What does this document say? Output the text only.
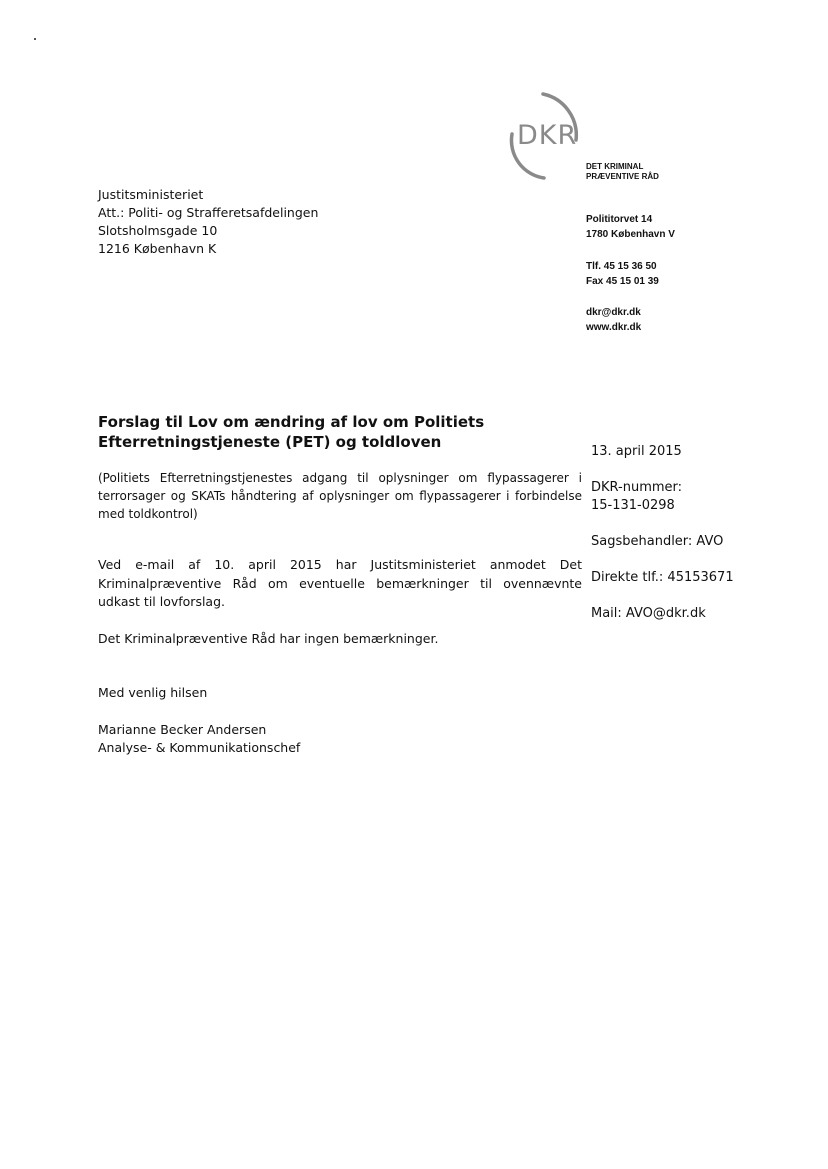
DKR
DET KRIMINAL
PRÆVENTIVE RÅD
Polititorvet 14
1780 København V
Tlf. 45 15 36 50
Fax 45 15 01 39
dkr@dkr.dk
www.dkr.dk
Justitsministeriet
Att.: Politi- og Strafferetsafdelingen
Slotsholmsgade 10
1216 København K
Forslag til Lov om ændring af lov om Politiets Efterretningstjeneste (PET) og toldloven
(Politiets Efterretningstjenestes adgang til oplysninger om flypassagerer i terrorsager og SKATs håndtering af oplysninger om flypassagerer i forbindelse med toldkontrol)
13. april 2015
DKR-nummer:
15-131-0298
Sagsbehandler: AVO
Direkte tlf.: 45153671
Mail: AVO@dkr.dk
Ved e-mail af 10. april 2015 har Justitsministeriet anmodet Det Kriminalpræventive Råd om eventuelle bemærkninger til ovennævnte udkast til lovforslag.
Det Kriminalpræventive Råd har ingen bemærkninger.
Med venlig hilsen
Marianne Becker Andersen
Analyse- & Kommunikationschef
